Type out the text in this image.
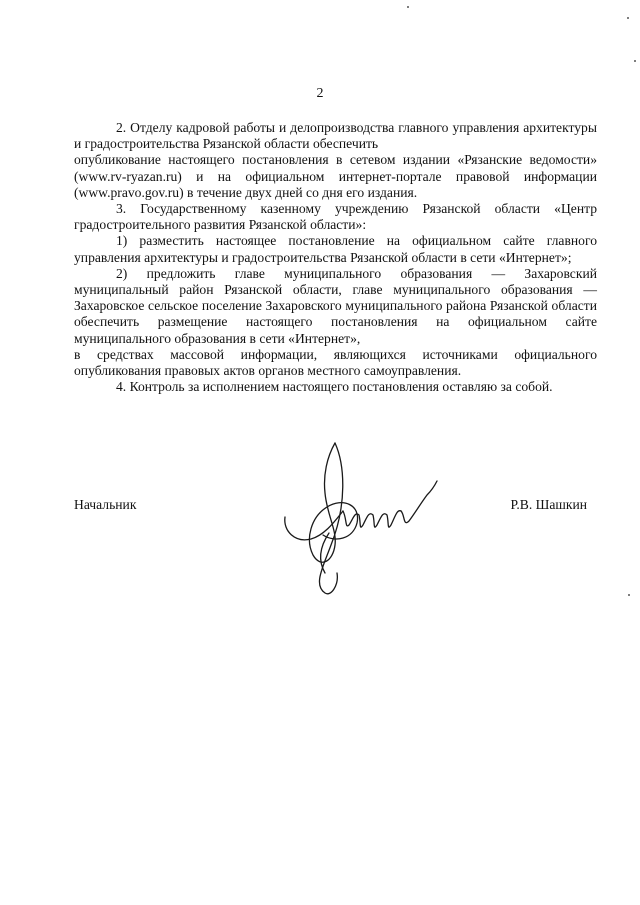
2

2. Отделу кадровой работы и делопроизводства главного управления архитектуры и градостроительства Рязанской области обеспечить
опубликование настоящего постановления в сетевом издании «Рязанские ведомости» (www.rv-ryazan.ru) и на официальном интернет-портале правовой информации (www.pravo.gov.ru) в течение двух дней со дня его издания.

3. Государственному казенному учреждению Рязанской области «Центр градостроительного развития Рязанской области»:

1) разместить настоящее постановление на официальном сайте главного управления архитектуры и градостроительства Рязанской области в сети «Интернет»;

2) предложить главе муниципального образования — Захаровский муниципальный район Рязанской области, главе муниципального образования — Захаровское сельское поселение Захаровского муниципального района Рязанской области обеспечить размещение настоящего постановления на официальном сайте муниципального образования в сети «Интернет»,
в средствах массовой информации, являющихся источниками официального опубликования правовых актов органов местного самоуправления.

4. Контроль за исполнением настоящего постановления оставляю за собой.

Начальник	Р.В. Шашкин
